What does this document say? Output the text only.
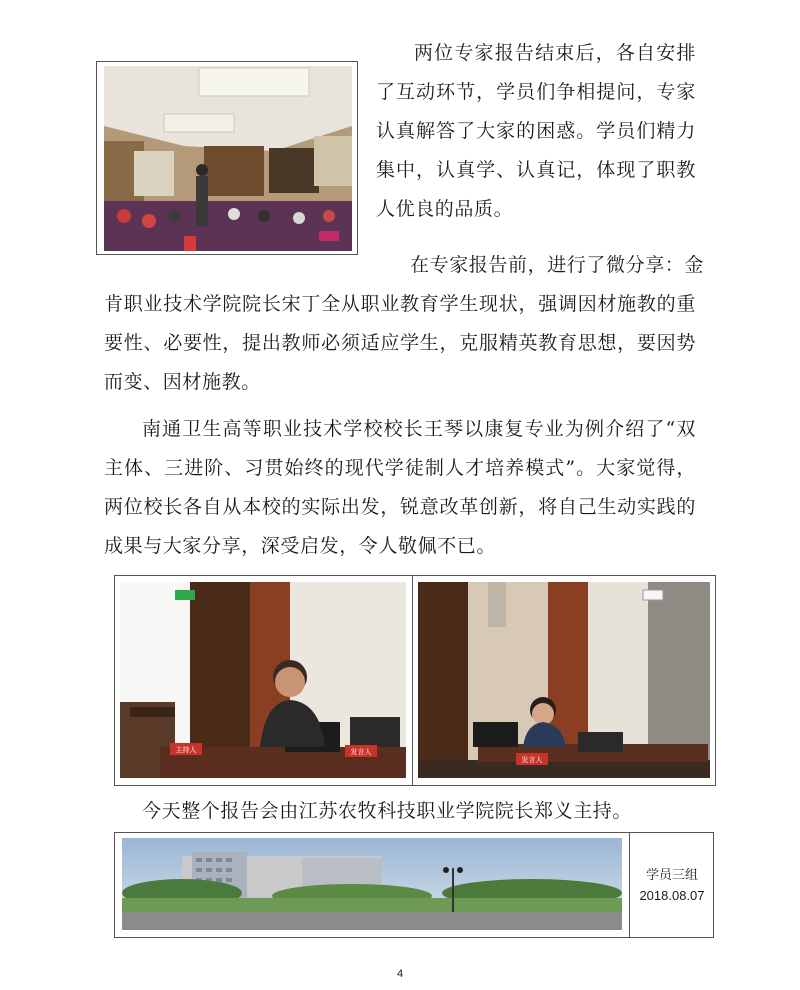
两位专家报告结束后，各自安排了互动环节，学员们争相提问，专家认真解答了大家的困惑。学员们精力集中，认真学、认真记，体现了职教人优良的品质。

在专家报告前，进行了微分享：金

肯职业技术学院院长宋丁全从职业教育学生现状，强调因材施教的重要性、必要性，提出教师必须适应学生，克服精英教育思想，要因势而变、因材施教。

南通卫生高等职业技术学校校长王琴以康复专业为例介绍了“双主体、三进阶、习贯始终的现代学徒制人才培养模式”。大家觉得，两位校长各自从本校的实际出发，锐意改革创新，将自己生动实践的成果与大家分享，深受启发，令人敬佩不已。

主持人	发言人
发言人

今天整个报告会由江苏农牧科技职业学院院长郑义主持。

学员三组
2018.08.07
4
